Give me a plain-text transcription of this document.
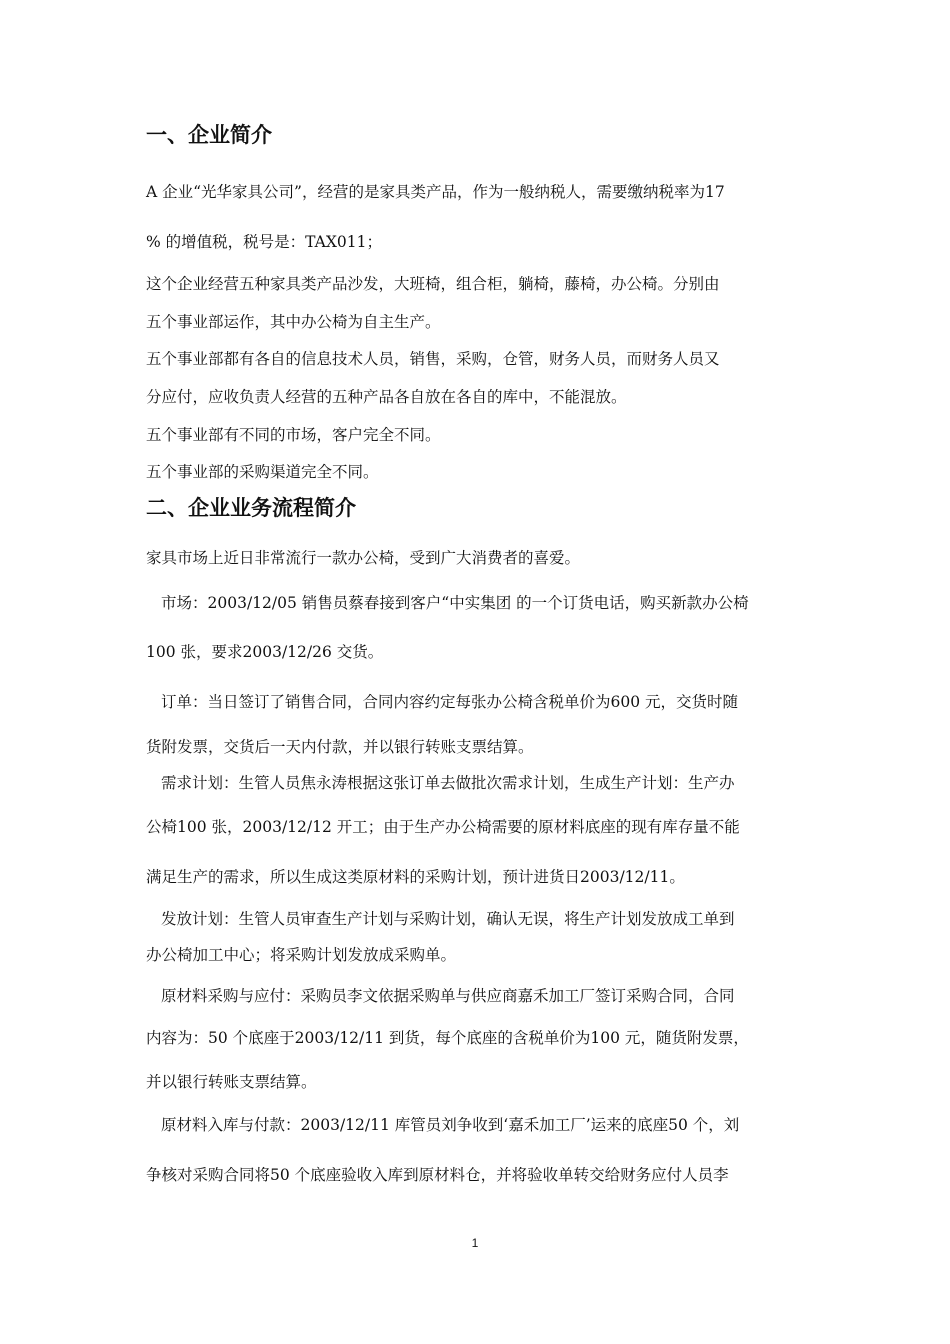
一、企业简介
A 企业“光华家具公司”，经营的是家具类产品，作为一般纳税人，需要缴纳税率为17
% 的增值税，税号是：TAX011；
这个企业经营五种家具类产品沙发，大班椅，组合柜，躺椅，藤椅，办公椅。分别由
五个事业部运作，其中办公椅为自主生产。
五个事业部都有各自的信息技术人员，销售，采购，仓管，财务人员，而财务人员又
分应付，应收负责人经营的五种产品各自放在各自的库中，不能混放。
五个事业部有不同的市场，客户完全不同。
五个事业部的采购渠道完全不同。
二、企业业务流程简介
家具市场上近日非常流行一款办公椅，受到广大消费者的喜爱。
市场：2003/12/05 销售员蔡春接到客户“中实集团 的一个订货电话，购买新款办公椅
100 张，要求2003/12/26 交货。
订单：当日签订了销售合同，合同内容约定每张办公椅含税单价为600 元，交货时随
货附发票，交货后一天内付款，并以银行转账支票结算。
需求计划：生管人员焦永涛根据这张订单去做批次需求计划，生成生产计划：生产办
公椅100 张，2003/12/12 开工；由于生产办公椅需要的原材料底座的现有库存量不能
满足生产的需求，所以生成这类原材料的采购计划，预计进货日2003/12/11。
发放计划：生管人员审查生产计划与采购计划，确认无误，将生产计划发放成工单到
办公椅加工中心；将采购计划发放成采购单。
原材料采购与应付：采购员李文依据采购单与供应商嘉禾加工厂签订采购合同，合同
内容为：50 个底座于2003/12/11 到货，每个底座的含税单价为100 元，随货附发票，
并以银行转账支票结算。
原材料入库与付款：2003/12/11 库管员刘争收到‘嘉禾加工厂’运来的底座50 个，刘
争核对采购合同将50 个底座验收入库到原材料仓，并将验收单转交给财务应付人员李
1
